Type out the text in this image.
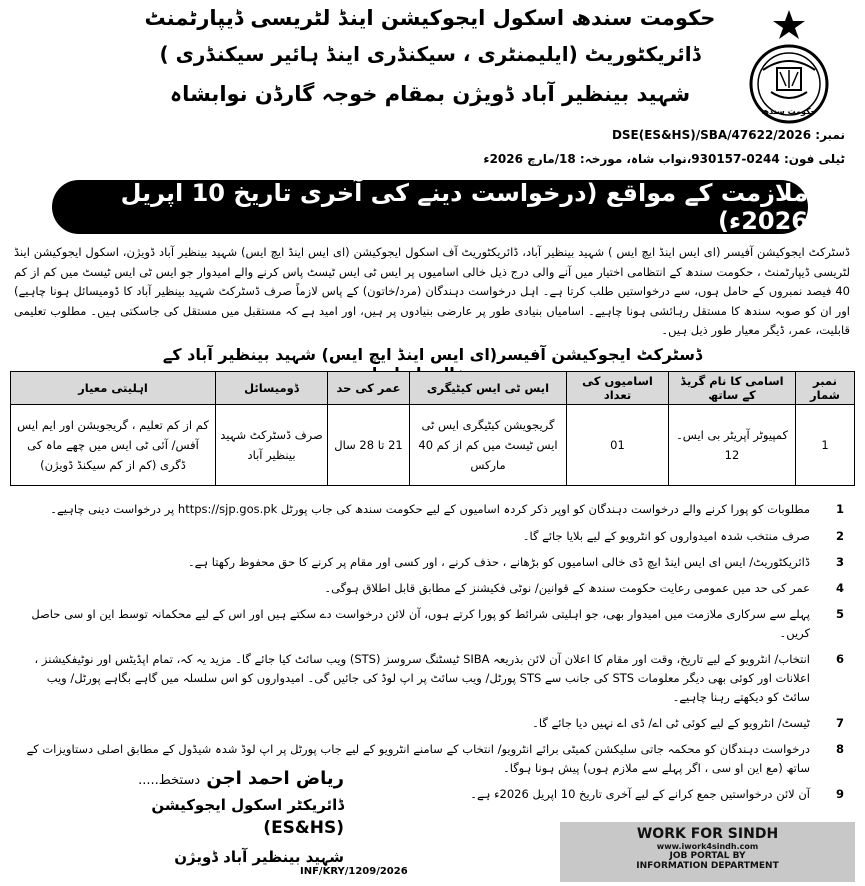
حکومت سندھ اسکول ایجوکیشن اینڈ لٹریسی ڈیپارٹمنٹ
ڈائریکٹوریٹ (ایلیمنٹری ، سیکنڈری اینڈ ہائیر سیکنڈری )
شہید بینظیر آباد ڈویژن بمقام خوجہ گارڈن نوابشاہ
حکومت سندھ
نمبر: DSE(ES&HS)/SBA/47622/2026
ٹیلی فون: 0244-930157،نواب شاہ، مورخہ: 18/مارچ 2026ء
ملازمت کے مواقع (درخواست دینے کی آخری تاریخ 10 اپریل 2026ء)
ڈسٹرکٹ ایجوکیشن آفیسر (ای ایس اینڈ ایچ ایس ) شہید بینظیر آباد، ڈائریکٹوریٹ آف اسکول ایجوکیشن (ای ایس اینڈ ایچ ایس) شہید بینظیر آباد ڈویژن، اسکول ایجوکیشن اینڈ لٹریسی ڈیپارٹمنٹ ، حکومت سندھ کے انتظامی اختیار میں آنے والی درج ذیل خالی اسامیوں پر ایس ٹی ایس ٹیسٹ پاس کرنے والے امیدوار جو ایس ٹی ایس ٹیسٹ میں کم از کم 40 فیصد نمبروں کے حامل ہوں، سے درخواستیں طلب کرتا ہے۔ اہل درخواست دہندگان (مرد/خاتون) کے پاس لازماً صرف ڈسٹرکٹ شہید بینظیر آباد کا ڈومیسائل ہونا چاہیے) اور ان کو صوبہ سندھ کا مستقل رہائشی ہونا چاہیے۔ اسامیاں بنیادی طور پر عارضی بنیادوں پر ہیں، اور امید ہے کہ مستقبل میں مستقل کی جاسکتی ہیں۔ مطلوب تعلیمی قابلیت، عمر، ڈیگر معیار طور ذیل ہیں۔
ڈسٹرکٹ ایجوکیشن آفیسر(ای ایس اینڈ ایچ ایس) شہید بینظیر آباد کے
نمبر شمار	اسامی کا نام گریڈ کے ساتھ	اسامیوں کی تعداد	ایس ٹی ایس کیٹیگری	عمر کی حد	ڈومیسائل	اہلیتی معیار
1	کمپیوٹر آپریٹر بی ایس۔ 12	01	گریجویشن کیٹیگری ایس ٹی ایس ٹیسٹ میں کم از کم 40 مارکس	21 تا 28 سال	صرف ڈسٹرکٹ شہید بینظیر آباد	کم از کم تعلیم ، گریجویشن اور ایم ایس آفس/ آئی ٹی ایس میں چھے ماہ کی ڈگری (کم از کم سیکنڈ ڈویژن)
1
مطلوبات کو پورا کرنے والے درخواست دہندگان کو اوپر ذکر کردہ اسامیوں کے لیے حکومت سندھ کی جاب پورٹل https://sjp.gos.pk پر درخواست دینی چاہیے۔
2
صرف منتخب شدہ امیدواروں کو انٹرویو کے لیے بلایا جائے گا۔
3
ڈائریکٹوریٹ/ ایس ای ایس اینڈ ایچ ڈی خالی اسامیوں کو بڑھانے ، حذف کرنے ، اور کسی اور مقام پر کرنے کا حق محفوظ رکھتا ہے۔
4
عمر کی حد میں عمومی رعایت حکومت سندھ کے قوانین/ نوٹی فکیشنز کے مطابق قابل اطلاق ہوگی۔
5
پہلے سے سرکاری ملازمت میں امیدوار بھی، جو اہلیتی شرائط کو پورا کرتے ہوں، آن لائن درخواست دے سکتے ہیں اور اس کے لیے محکمانہ توسط این او سی حاصل کریں۔
6
انتخاب/ انٹرویو کے لیے تاریخ، وقت اور مقام کا اعلان آن لائن بذریعہ SIBA ٹیسٹنگ سروسز (STS) ویب سائٹ کیا جائے گا۔ مزید یہ کہ، تمام اپڈیٹس اور نوٹیفکیشنز ، اعلانات اور کوئی بھی دیگر معلومات STS کی جانب سے STS پورٹل/ ویب سائٹ پر اپ لوڈ کی جائیں گی۔ امیدواروں کو اس سلسلہ میں گاہے بگاہے پورٹل/ ویب سائٹ کو دیکھتے رہنا چاہیے۔
7
ٹیسٹ/ انٹرویو کے لیے کوئی ٹی اے/ ڈی اے نہیں دیا جائے گا۔
8
درخواست دہندگان کو محکمہ جاتی سلیکشن کمیٹی برائے انٹرویو/ انتخاب کے سامنے انٹرویو کے لیے جاب پورٹل پر اپ لوڈ شدہ شیڈول کے مطابق اصلی دستاویزات کے ساتھ (مع این او سی ، اگر پہلے سے ملازم ہوں) پیش ہونا ہوگا۔
9
آن لائن درخواستیں جمع کرانے کے لیے آخری تاریخ 10 اپریل 2026ء ہے۔
ریاض احمد اجن دستخط.....
ڈائریکٹر اسکول ایجوکیشن
(ES&HS)
شہید بینظیر آباد ڈویژن
INF/KRY/1209/2026
WORK FOR SINDH
www.iwork4sindh.com
JOB PORTAL BY
INFORMATION DEPARTMENT
